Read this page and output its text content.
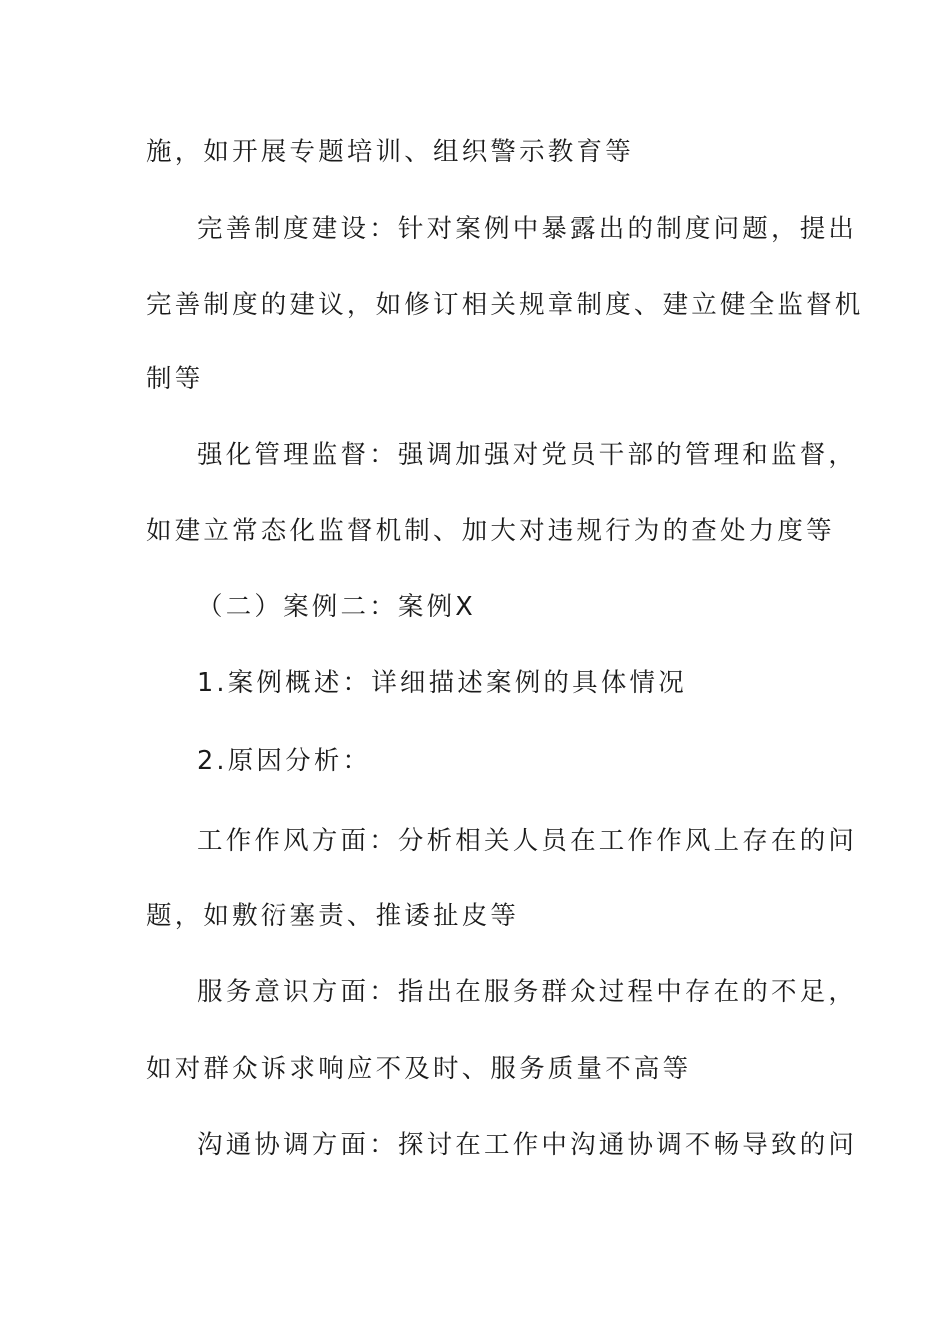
施，如开展专题培训、组织警示教育等
完善制度建设：针对案例中暴露出的制度问题，提出
完善制度的建议，如修订相关规章制度、建立健全监督机
制等
强化管理监督：强调加强对党员干部的管理和监督，
如建立常态化监督机制、加大对违规行为的查处力度等
（二）案例二：案例X
1.案例概述：详细描述案例的具体情况
2.原因分析：
工作作风方面：分析相关人员在工作作风上存在的问
题，如敷衍塞责、推诿扯皮等
服务意识方面：指出在服务群众过程中存在的不足，
如对群众诉求响应不及时、服务质量不高等
沟通协调方面：探讨在工作中沟通协调不畅导致的问
